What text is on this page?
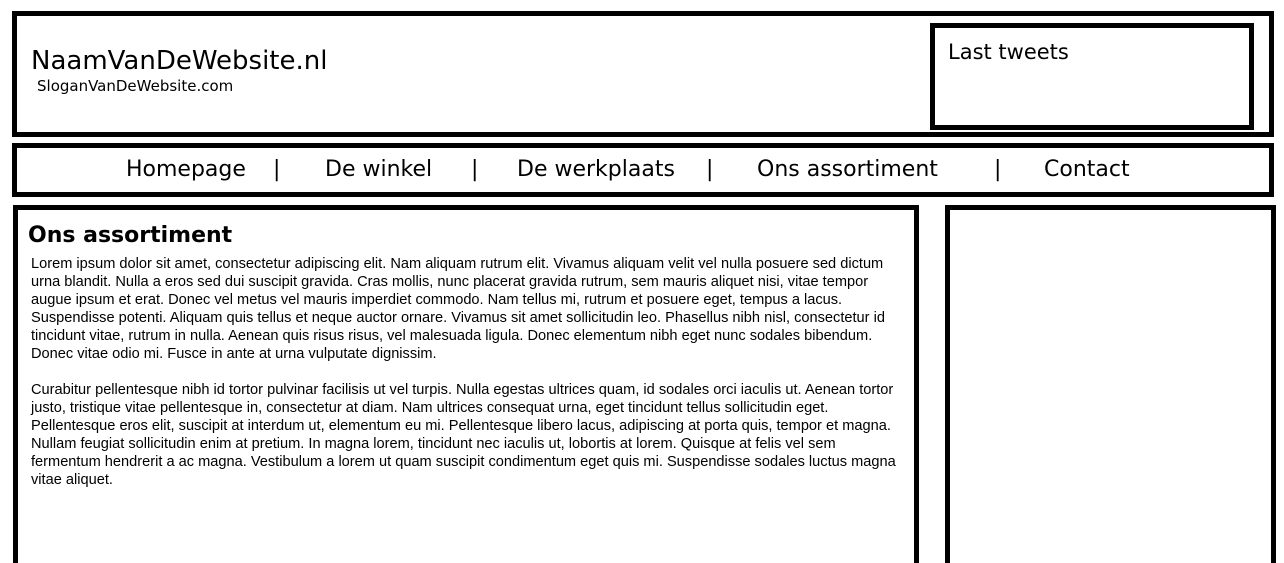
NaamVanDeWebsite.nl
SloganVanDeWebsite.com
Last tweets
Homepage | De winkel | De werkplaats | Ons assortiment	| Contact
Ons assortiment

Lorem ipsum dolor sit amet, consectetur adipiscing elit. Nam aliquam rutrum elit. Vivamus aliquam velit vel nulla posuere sed dictum urna blandit. Nulla a eros sed dui suscipit gravida. Cras mollis, nunc placerat gravida rutrum, sem mauris aliquet nisi, vitae tempor augue ipsum et erat. Donec vel metus vel mauris imperdiet commodo. Nam tellus mi, rutrum et posuere eget, tempus a lacus. Suspendisse potenti. Aliquam quis tellus et neque auctor ornare. Vivamus sit amet sollicitudin leo. Phasellus nibh nisl, consectetur id tincidunt vitae, rutrum in nulla. Aenean quis risus risus, vel malesuada ligula. Donec elementum nibh eget nunc sodales bibendum. Donec vitae odio mi. Fusce in ante at urna vulputate dignissim.

Curabitur pellentesque nibh id tortor pulvinar facilisis ut vel turpis. Nulla egestas ultrices quam, id sodales orci iaculis ut. Aenean tortor justo, tristique vitae pellentesque in, consectetur at diam. Nam ultrices consequat urna, eget tincidunt tellus sollicitudin eget. Pellentesque eros elit, suscipit at interdum ut, elementum eu mi. Pellentesque libero lacus, adipiscing at porta quis, tempor et magna. Nullam feugiat sollicitudin enim at pretium. In magna lorem, tincidunt nec iaculis ut, lobortis at lorem. Quisque at felis vel sem fermentum hendrerit a ac magna. Vestibulum a lorem ut quam suscipit condimentum eget quis mi. Suspendisse sodales luctus magna vitae aliquet.
